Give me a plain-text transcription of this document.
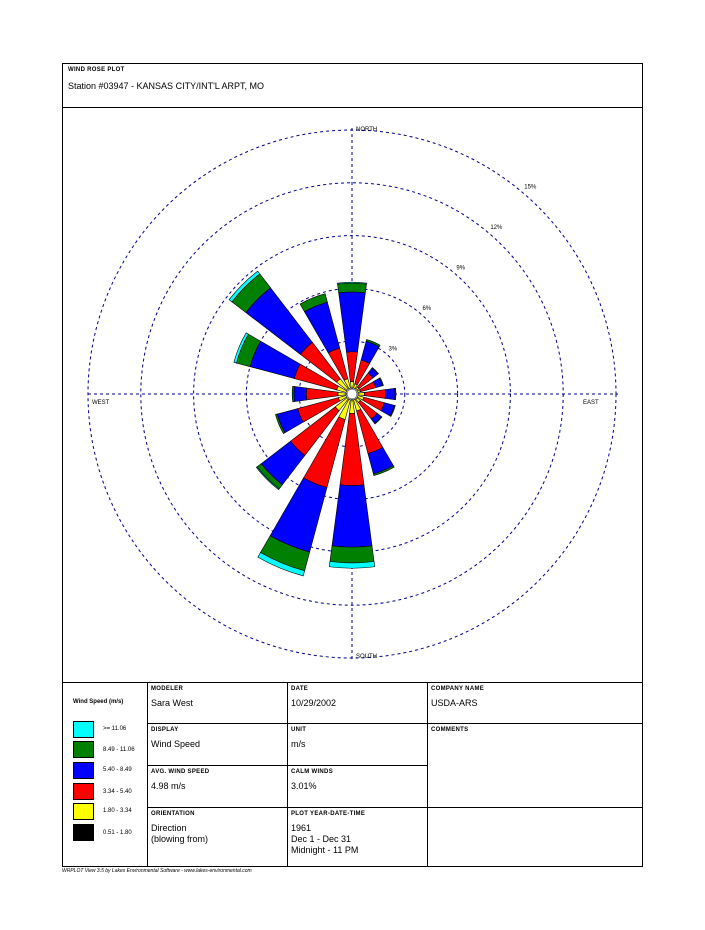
WIND ROSE PLOT
Station #03947 - KANSAS CITY/INT'L ARPT, MO
NORTH
SOUTH
EAST
WEST
3%
6%
9%
12%
15%
Wind Speed (m/s)
>= 11.06
8.49 - 11.06
5.40 - 8.49
3.34 - 5.40
1.80 - 3.34
0.51 - 1.80
MODELER
Sara West
DATE
10/29/2002
COMPANY NAME
USDA-ARS
DISPLAY
Wind Speed
UNIT
m/s
COMMENTS
AVG. WIND SPEED
4.98 m/s
CALM WINDS
3.01%
ORIENTATION
Direction
(blowing from)
PLOT YEAR-DATE-TIME
1961
Dec 1 - Dec 31
Midnight - 11 PM
WRPLOT View 3.5 by Lakes Environmental Software - www.lakes-environmental.com
